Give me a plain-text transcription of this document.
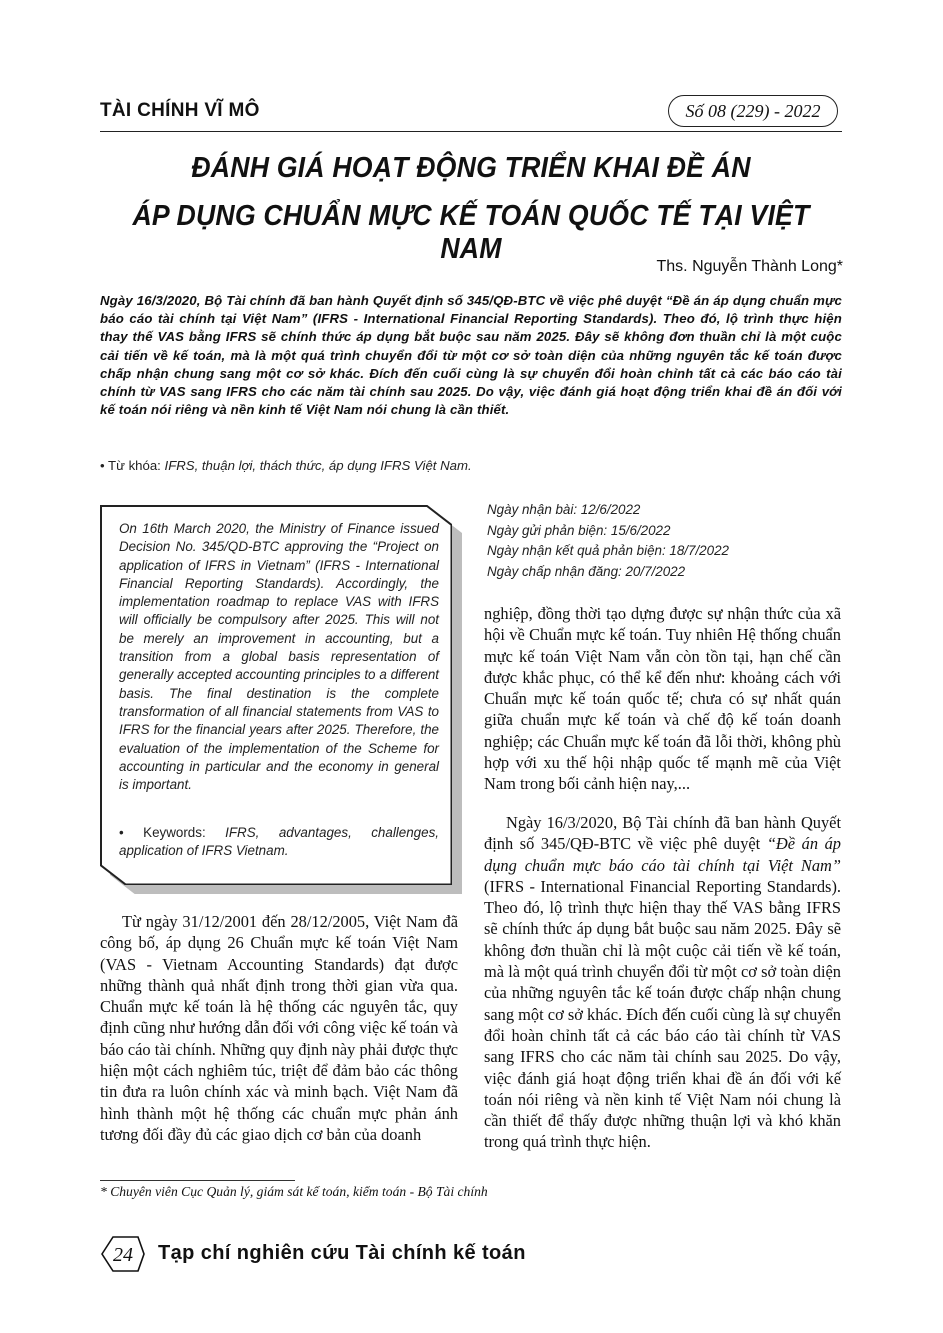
TÀI CHÍNH VĨ MÔ	Số 08 (229) - 2022
ĐÁNH GIÁ HOẠT ĐỘNG TRIỂN KHAI ĐỀ ÁN
ÁP DỤNG CHUẨN MỰC KẾ TOÁN QUỐC TẾ TẠI VIỆT NAM
Ths. Nguyễn Thành Long*
Ngày 16/3/2020, Bộ Tài chính đã ban hành Quyết định số 345/QĐ-BTC về việc phê duyệt “Đề án áp dụng chuẩn mực báo cáo tài chính tại Việt Nam” (IFRS - International Financial Reporting Standards). Theo đó, lộ trình thực hiện thay thế VAS bằng IFRS sẽ chính thức áp dụng bắt buộc sau năm 2025. Đây sẽ không đơn thuần chỉ là một cuộc cải tiến về kế toán, mà là một quá trình chuyển đổi từ một cơ sở toàn diện của những nguyên tắc kế toán được chấp nhận chung sang một cơ sở khác. Đích đến cuối cùng là sự chuyển đổi hoàn chỉnh tất cả các báo cáo tài chính từ VAS sang IFRS cho các năm tài chính sau 2025. Do vậy, việc đánh giá hoạt động triển khai đề án đối với kế toán nói riêng và nền kinh tế Việt Nam nói chung là cần thiết.
• Từ khóa: IFRS, thuận lợi, thách thức, áp dụng IFRS Việt Nam.
Ngày nhận bài: 12/6/2022
Ngày gửi phản biện: 15/6/2022
Ngày nhận kết quả phản biện: 18/7/2022
Ngày chấp nhận đăng: 20/7/2022
On 16th March 2020, the Ministry of Finance issued Decision No. 345/QD-BTC approving the “Project on application of IFRS in Vietnam” (IFRS - International Financial Reporting Standards). Accordingly, the implementation roadmap to replace VAS with IFRS will officially be compulsory after 2025. This will not be merely an improvement in accounting, but a transition from a global basis representation of generally accepted accounting principles to a different basis. The final destination is the complete transformation of all financial statements from VAS to IFRS for the financial years after 2025. Therefore, the evaluation of the implementation of the Scheme for accounting in particular and the economy in general is important.
• Keywords: IFRS, advantages, challenges, application of IFRS Vietnam.

nghiệp, đồng thời tạo dựng được sự nhận thức của xã hội về Chuẩn mực kế toán. Tuy nhiên Hệ thống chuẩn mực kế toán Việt Nam vẫn còn tồn tại, hạn chế cần được khắc phục, có thể kể đến như: khoảng cách với Chuẩn mực kế toán quốc tế; chưa có sự nhất quán giữa chuẩn mực kế toán và chế độ kế toán doanh nghiệp; các Chuẩn mực kế toán đã lỗi thời, không phù hợp với xu thế hội nhập quốc tế mạnh mẽ của Việt Nam trong bối cảnh hiện nay,...

Ngày 16/3/2020, Bộ Tài chính đã ban hành Quyết định số 345/QĐ-BTC về việc phê duyệt “Đề án áp dụng chuẩn mực báo cáo tài chính tại Việt Nam” (IFRS - International Financial Reporting Standards). Theo đó, lộ trình thực hiện thay thế VAS bằng IFRS sẽ chính thức áp dụng bắt buộc sau năm 2025. Đây sẽ không đơn thuần chỉ là một cuộc cải tiến về kế toán, mà là một quá trình chuyển đổi từ một cơ sở toàn diện của những nguyên tắc kế toán được chấp nhận chung sang một cơ sở khác. Đích đến cuối cùng là sự chuyển đổi hoàn chỉnh tất cả các báo cáo tài chính từ VAS sang IFRS cho các năm tài chính sau 2025. Do vậy, việc đánh giá hoạt động triển khai đề án đối với kế toán nói riêng và nền kinh tế Việt Nam nói chung là cần thiết để thấy được những thuận lợi và khó khăn trong quá trình thực hiện.

Từ ngày 31/12/2001 đến 28/12/2005, Việt Nam đã công bố, áp dụng 26 Chuẩn mực kế toán Việt Nam (VAS - Vietnam Accounting Standards) đạt được những thành quả nhất định trong thời gian vừa qua. Chuẩn mực kế toán là hệ thống các nguyên tắc, quy định cũng như hướng dẫn đối với công việc kế toán và báo cáo tài chính. Những quy định này phải được thực hiện một cách nghiêm túc, triệt để đảm bảo các thông tin đưa ra luôn chính xác và minh bạch. Việt Nam đã hình thành một hệ thống các chuẩn mực phản ánh tương đối đầy đủ các giao dịch cơ bản của doanh

* Chuyên viên Cục Quản lý, giám sát kế toán, kiểm toán - Bộ Tài chính
24 Tạp chí nghiên cứu Tài chính kế toán
